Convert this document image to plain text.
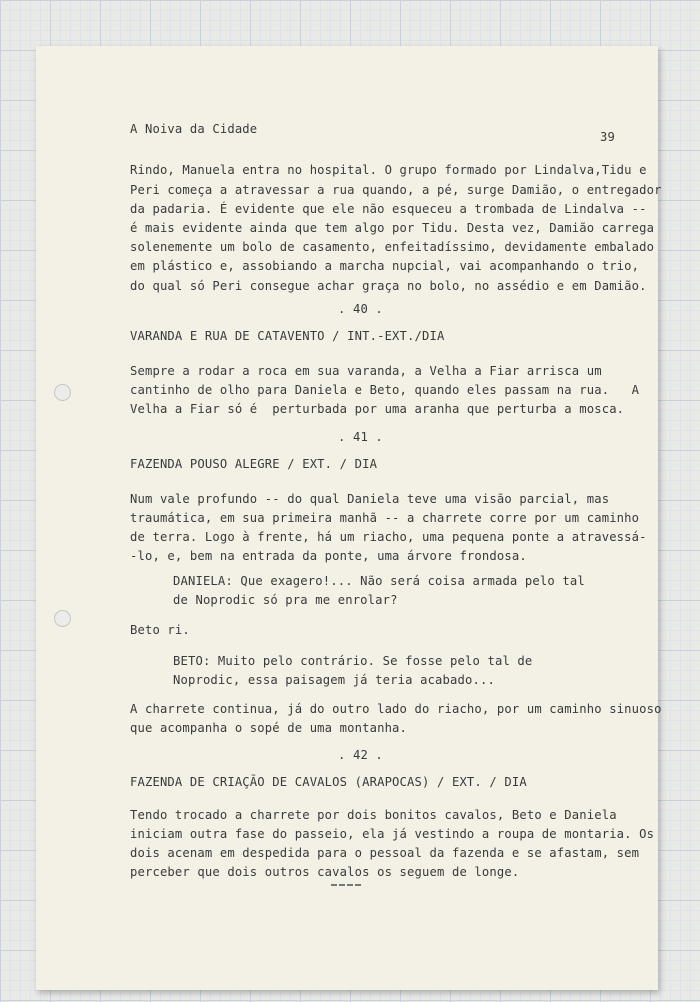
A Noiva da Cidade
39
Rindo, Manuela entra no hospital. O grupo formado por Lindalva,Tidu e
Peri começa a atravessar a rua quando, a pé, surge Damião, o entregador
da padaria. É evidente que ele não esqueceu a trombada de Lindalva --
é mais evidente ainda que tem algo por Tidu. Desta vez, Damião carrega
solenemente um bolo de casamento, enfeitadíssimo, devidamente embalado
em plástico e, assobiando a marcha nupcial, vai acompanhando o trio,
do qual só Peri consegue achar graça no bolo, no assédio e em Damião.
. 40 .
VARANDA E RUA DE CATAVENTO / INT.-EXT./DIA
Sempre a rodar a roca em sua varanda, a Velha a Fiar arrisca um
cantinho de olho para Daniela e Beto, quando eles passam na rua.   A
Velha a Fiar só é  perturbada por uma aranha que perturba a mosca.
. 41 .
FAZENDA POUSO ALEGRE / EXT. / DIA
Num vale profundo -- do qual Daniela teve uma visão parcial, mas
traumática, em sua primeira manhã -- a charrete corre por um caminho
de terra. Logo à frente, há um riacho, uma pequena ponte a atravessá-
-lo, e, bem na entrada da ponte, uma árvore frondosa.
DANIELA: Que exagero!... Não será coisa armada pelo tal
de Noprodic só pra me enrolar?
Beto ri.
BETO: Muito pelo contrário. Se fosse pelo tal de
Noprodic, essa paisagem já teria acabado...
A charrete continua, já do outro lado do riacho, por um caminho sinuoso
que acompanha o sopé de uma montanha.
. 42 .
FAZENDA DE CRIAÇÃO DE CAVALOS (ARAPOCAS) / EXT. / DIA
Tendo trocado a charrete por dois bonitos cavalos, Beto e Daniela
iniciam outra fase do passeio, ela já vestindo a roupa de montaria. Os
dois acenam em despedida para o pessoal da fazenda e se afastam, sem
perceber que dois outros cavalos os seguem de longe.
